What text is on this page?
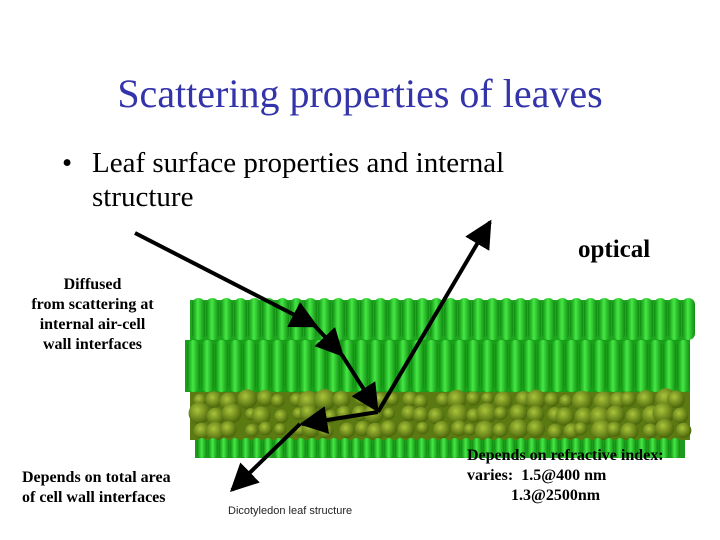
Scattering properties of leaves
• Leaf surface properties and internal structure
optical
Diffused
from scattering at
internal air-cell
wall interfaces
Depends on total area
of cell wall interfaces
Depends on refractive index:
varies:  1.5@400 nm
1.3@2500nm
Dicotyledon leaf structure
